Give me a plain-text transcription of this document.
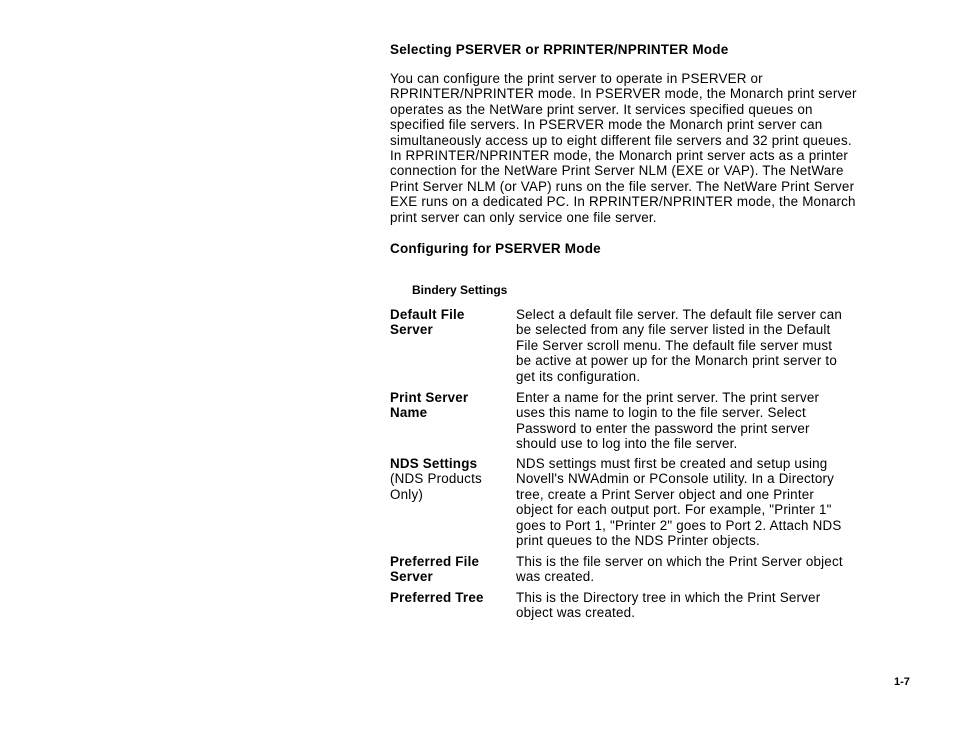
Selecting PSERVER or RPRINTER/NPRINTER Mode
You can configure the print server to operate in PSERVER or
RPRINTER/NPRINTER mode. In PSERVER mode, the Monarch print server
operates as the NetWare print server. It services specified queues on
specified file servers. In PSERVER mode the Monarch print server can
simultaneously access up to eight different file servers and 32 print queues.
In RPRINTER/NPRINTER mode, the Monarch print server acts as a printer
connection for the NetWare Print Server NLM (EXE or VAP). The NetWare
Print Server NLM (or VAP) runs on the file server. The NetWare Print Server
EXE runs on a dedicated PC. In RPRINTER/NPRINTER mode, the Monarch
print server can only service one file server.
Configuring for PSERVER Mode
Bindery Settings
Default File
Server
Select a default file server. The default file server can
be selected from any file server listed in the Default
File Server scroll menu. The default file server must
be active at power up for the Monarch print server to
get its configuration.
Print Server
Name
Enter a name for the print server. The print server
uses this name to login to the file server. Select
Password to enter the password the print server
should use to log into the file server.
NDS Settings
(NDS Products
Only)
NDS settings must first be created and setup using
Novell's NWAdmin or PConsole utility. In a Directory
tree, create a Print Server object and one Printer
object for each output port. For example, "Printer 1"
goes to Port 1, "Printer 2" goes to Port 2. Attach NDS
print queues to the NDS Printer objects.
Preferred File
Server
This is the file server on which the Print Server object
was created.
Preferred Tree	This is the Directory tree in which the Print Server
object was created.
1-7
